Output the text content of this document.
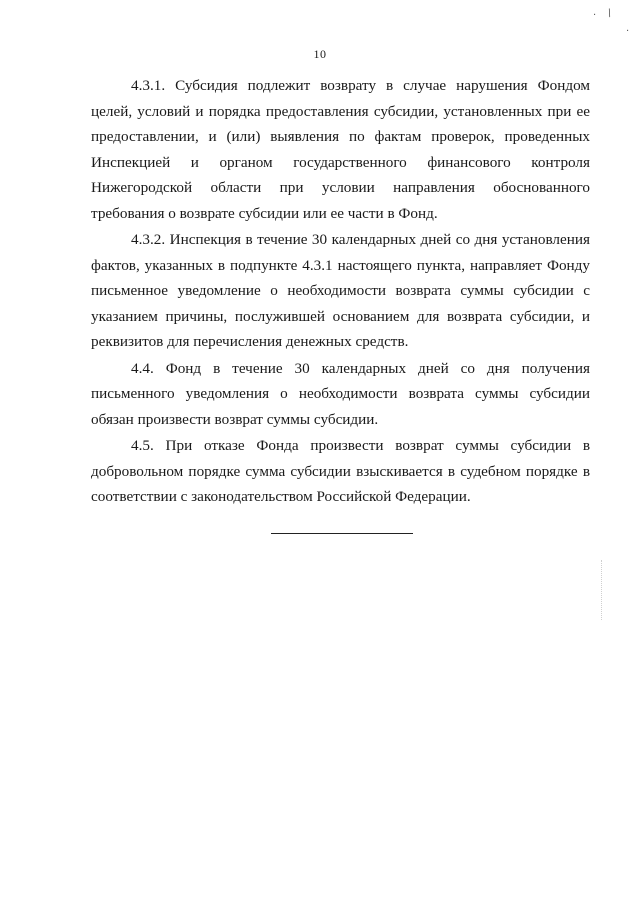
· /
·
10

4.3.1. Субсидия подлежит возврату в случае нарушения Фондом целей, условий и порядка предоставления субсидии, установленных при ее предоставлении, и (или) выявления по фактам проверок, проведенных Инспекцией и органом государственного финансового контроля Нижегородской области при условии направления обоснованного требования о возврате субсидии или ее части в Фонд.

4.3.2. Инспекция в течение 30 календарных дней со дня установления фактов, указанных в подпункте 4.3.1 настоящего пункта, направляет Фонду письменное уведомление о необходимости возврата суммы субсидии с указанием причины, послужившей основанием для возврата субсидии, и реквизитов для перечисления денежных средств.

4.4. Фонд в течение 30 календарных дней со дня получения письменного уведомления о необходимости возврата суммы субсидии обязан произвести возврат суммы субсидии.

4.5. При отказе Фонда произвести возврат суммы субсидии в добровольном порядке сумма субсидии взыскивается в судебном порядке в соответствии с законодательством Российской Федерации.
